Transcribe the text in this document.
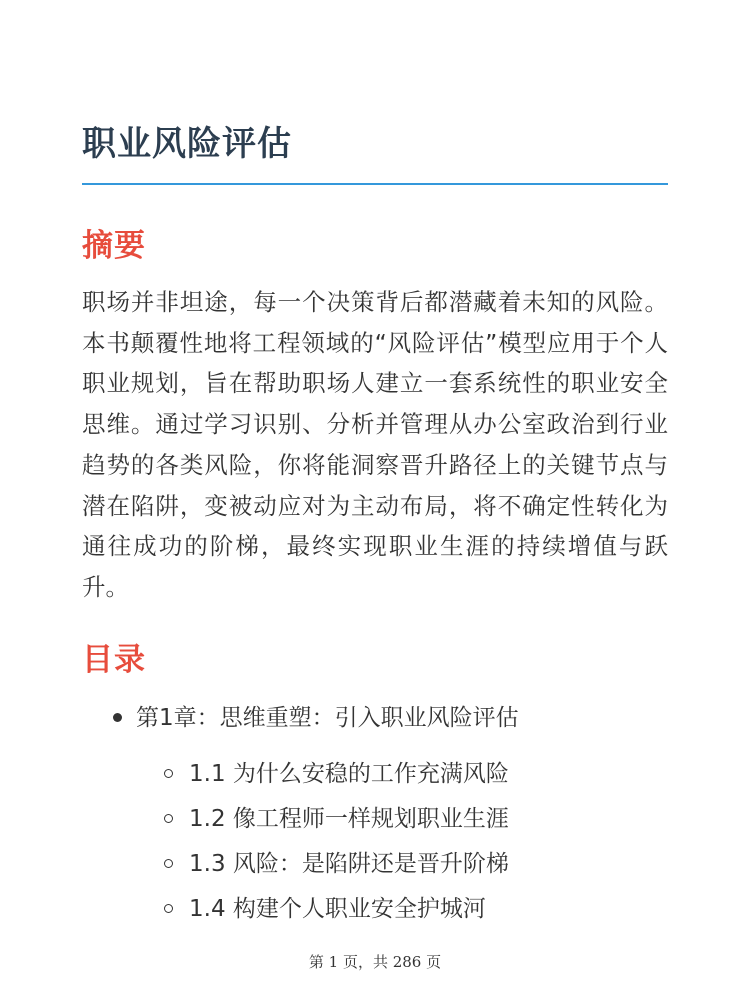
职业风险评估
摘要

职场并非坦途，每一个决策背后都潜藏着未知的风险。本书颠覆性地将工程领域的“风险评估”模型应用于个人职业规划，旨在帮助职场人建立一套系统性的职业安全思维。通过学习识别、分析并管理从办公室政治到行业趋势的各类风险，你将能洞察晋升路径上的关键节点与潜在陷阱，变被动应对为主动布局，将不确定性转化为通往成功的阶梯，最终实现职业生涯的持续增值与跃升。

目录
第1章：思维重塑：引入职业风险评估
1.1 为什么安稳的工作充满风险
1.2 像工程师一样规划职业生涯
1.3 风险：是陷阱还是晋升阶梯
1.4 构建个人职业安全护城河
第 1 页，共 286 页
